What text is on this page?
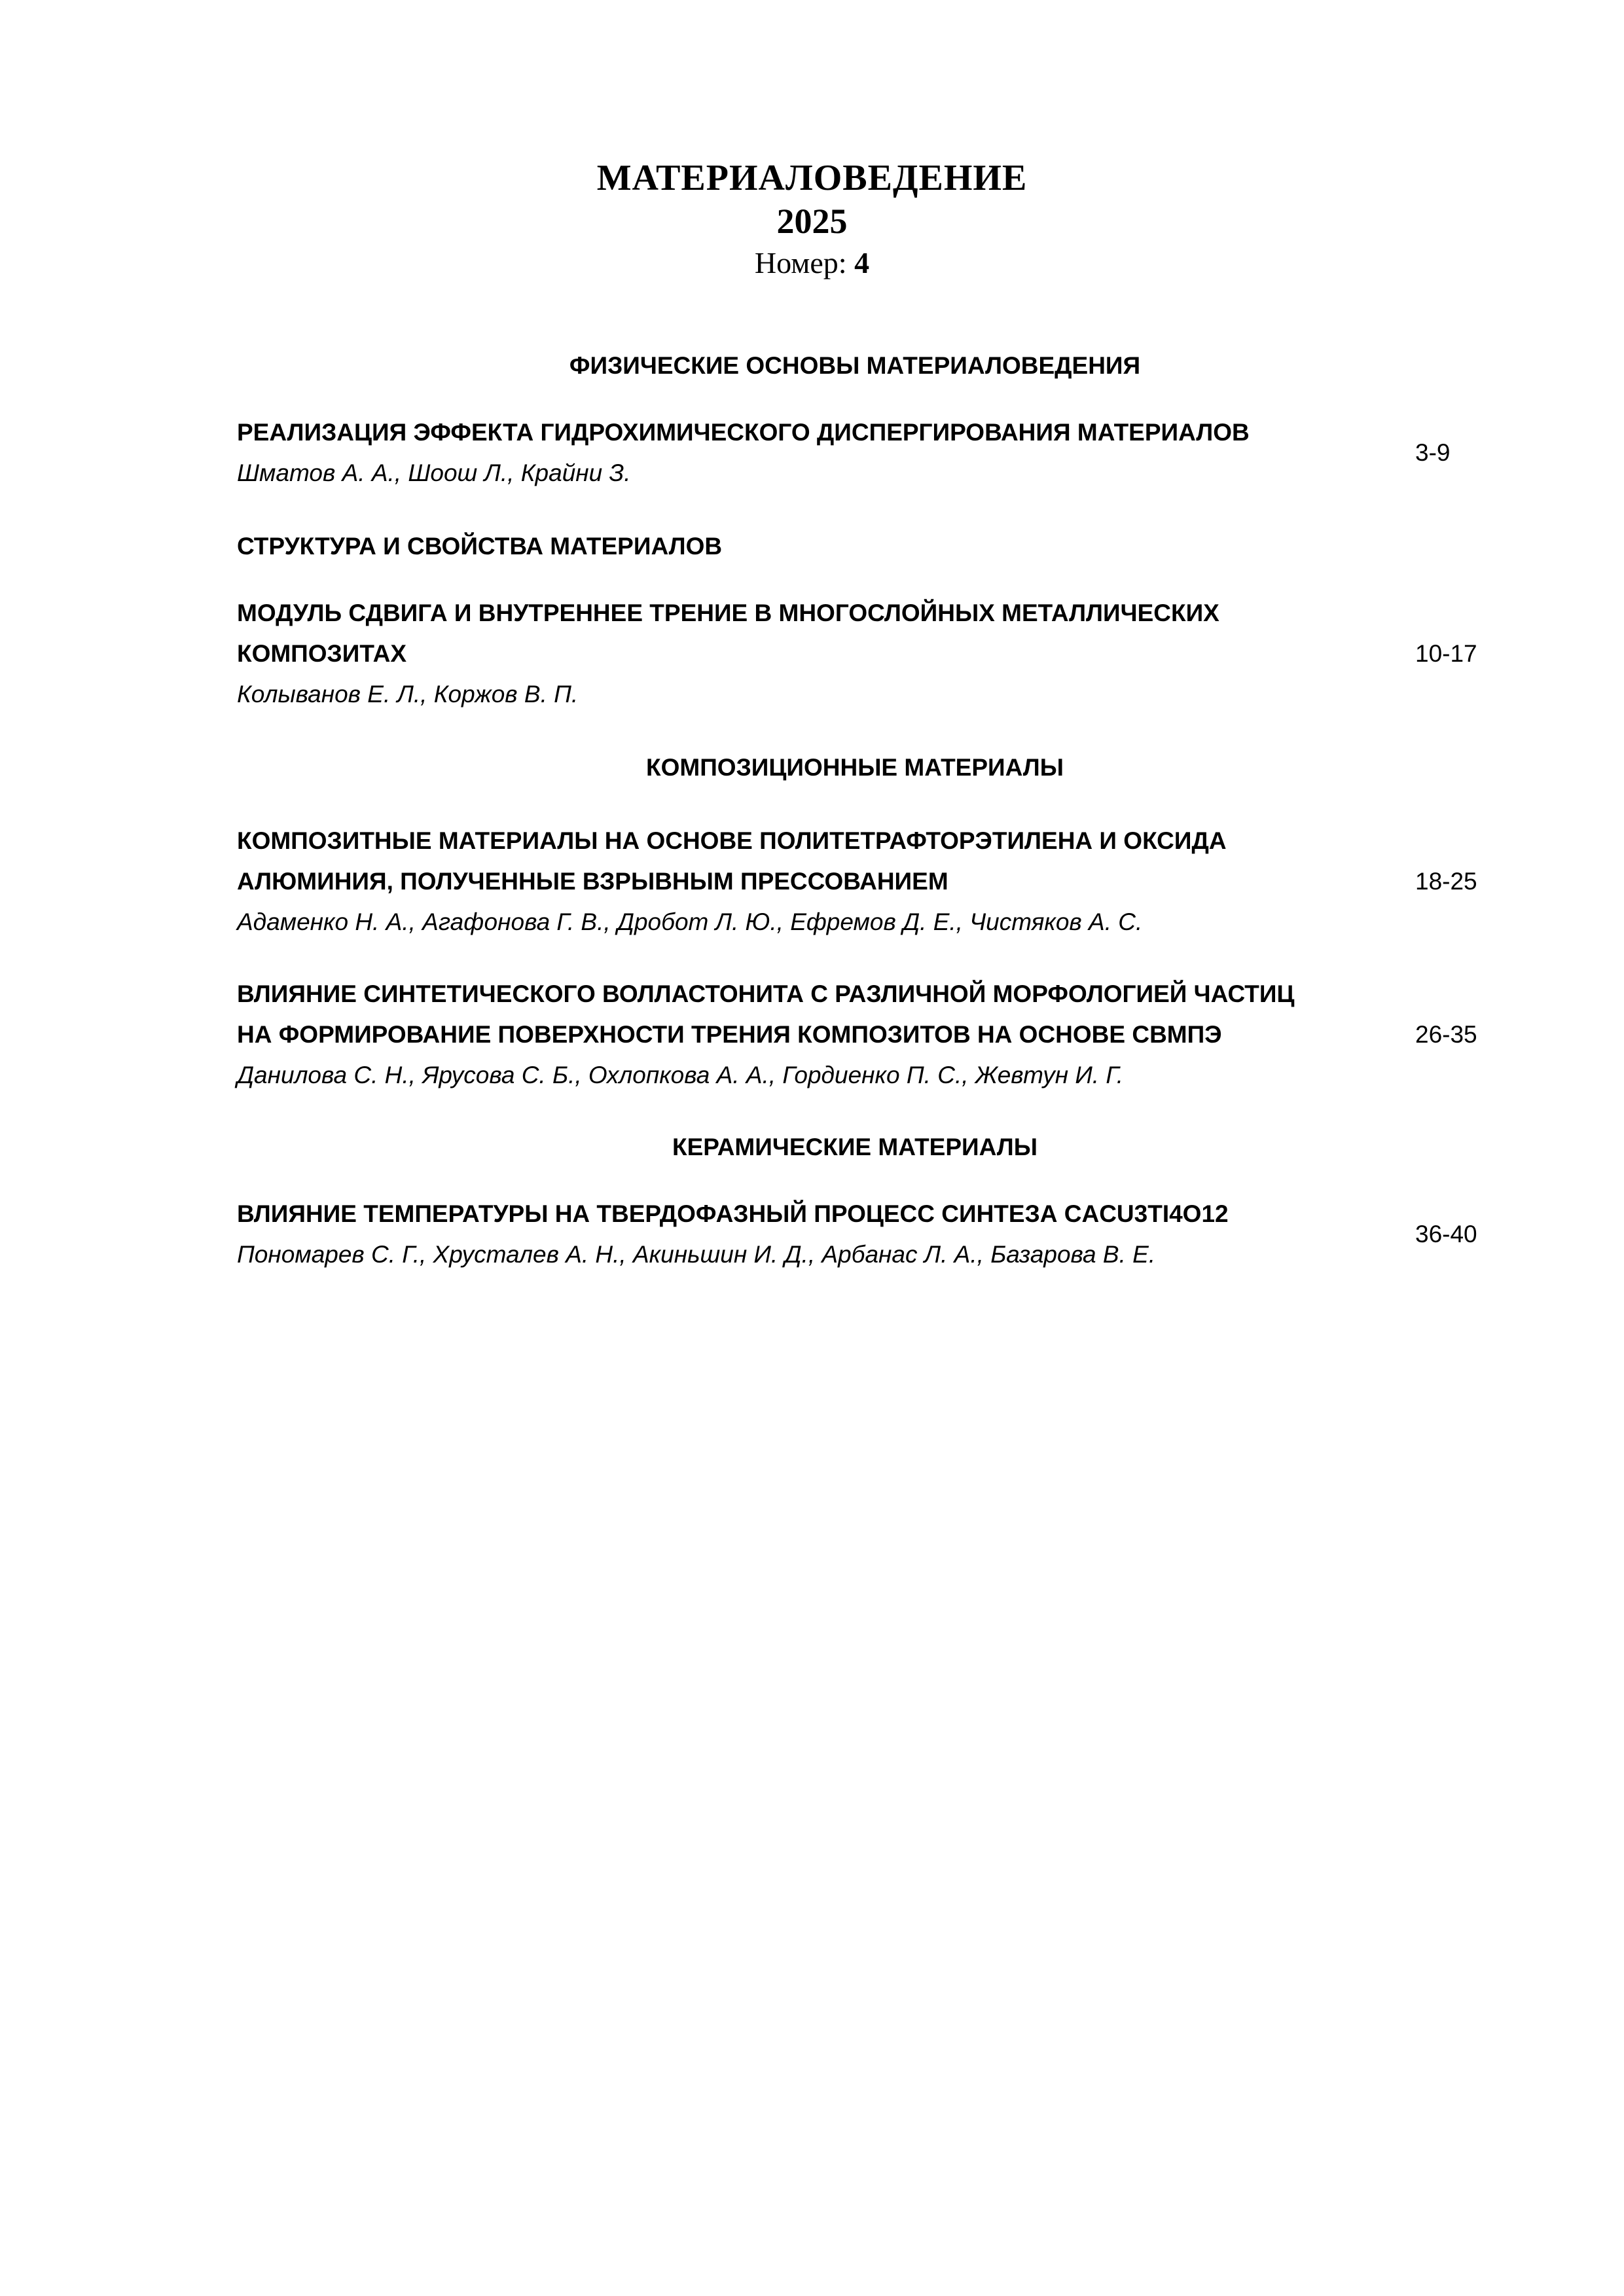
МАТЕРИАЛОВЕДЕНИЕ
2025
Номер: 4
ФИЗИЧЕСКИЕ ОСНОВЫ МАТЕРИАЛОВЕДЕНИЯ
РЕАЛИЗАЦИЯ ЭФФЕКТА ГИДРОХИМИЧЕСКОГО ДИСПЕРГИРОВАНИЯ МАТЕРИАЛОВ
Шматов А. А., Шоош Л., Крайни З.
3-9
СТРУКТУРА И СВОЙСТВА МАТЕРИАЛОВ
МОДУЛЬ СДВИГА И ВНУТРЕННЕЕ ТРЕНИЕ В МНОГОСЛОЙНЫХ МЕТАЛЛИЧЕСКИХ
КОМПОЗИТАХ
Колыванов Е. Л., Коржов В. П.
10-17
КОМПОЗИЦИОННЫЕ МАТЕРИАЛЫ
КОМПОЗИТНЫЕ МАТЕРИАЛЫ НА ОСНОВЕ ПОЛИТЕТРАФТОРЭТИЛЕНА И ОКСИДА
АЛЮМИНИЯ, ПОЛУЧЕННЫЕ ВЗРЫВНЫМ ПРЕССОВАНИЕМ
Адаменко Н. А., Агафонова Г. В., Дробот Л. Ю., Ефремов Д. Е., Чистяков А. С.
18-25
ВЛИЯНИЕ СИНТЕТИЧЕСКОГО ВОЛЛАСТОНИТА С РАЗЛИЧНОЙ МОРФОЛОГИЕЙ ЧАСТИЦ
НА ФОРМИРОВАНИЕ ПОВЕРХНОСТИ ТРЕНИЯ КОМПОЗИТОВ НА ОСНОВЕ СВМПЭ
Данилова С. Н., Ярусова С. Б., Охлопкова А. А., Гордиенко П. С., Жевтун И. Г.
26-35
КЕРАМИЧЕСКИЕ МАТЕРИАЛЫ
ВЛИЯНИЕ ТЕМПЕРАТУРЫ НА ТВЕРДОФАЗНЫЙ ПРОЦЕСС СИНТЕЗА CACU3TI4O12
Пономарев С. Г., Хрусталев А. Н., Акиньшин И. Д., Арбанас Л. А., Базарова В. Е.
36-40
